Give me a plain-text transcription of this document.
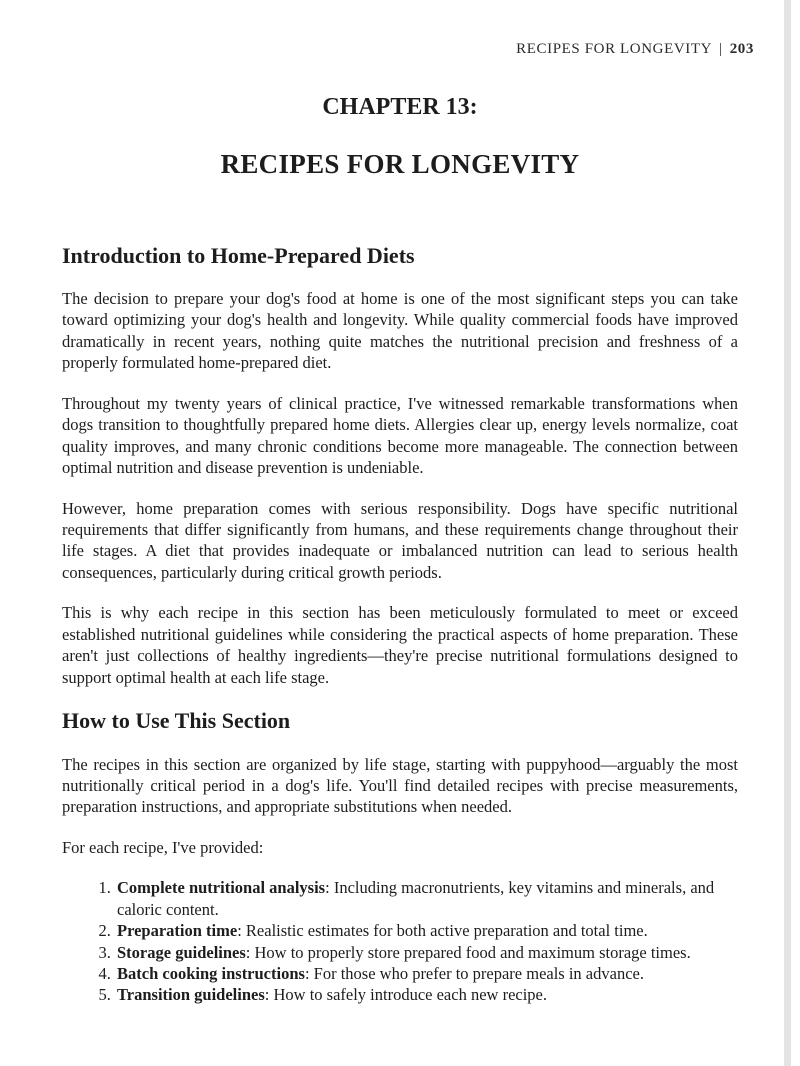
RECIPES FOR LONGEVITY | 203
CHAPTER 13:
RECIPES FOR LONGEVITY
Introduction to Home-Prepared Diets

The decision to prepare your dog's food at home is one of the most significant steps you can take toward optimizing your dog's health and longevity. While quality commercial foods have improved dramatically in recent years, nothing quite matches the nutritional precision and freshness of a properly formulated home-prepared diet.

Throughout my twenty years of clinical practice, I've witnessed remarkable transformations when dogs transition to thoughtfully prepared home diets. Allergies clear up, energy levels normalize, coat quality improves, and many chronic conditions become more manageable. The connection between optimal nutrition and disease prevention is undeniable.

However, home preparation comes with serious responsibility. Dogs have specific nutritional requirements that differ significantly from humans, and these requirements change throughout their life stages. A diet that provides inadequate or imbalanced nutrition can lead to serious health consequences, particularly during critical growth periods.

This is why each recipe in this section has been meticulously formulated to meet or exceed established nutritional guidelines while considering the practical aspects of home preparation. These aren't just collections of healthy ingredients—they're precise nutritional formulations designed to support optimal health at each life stage.

How to Use This Section

The recipes in this section are organized by life stage, starting with puppyhood—arguably the most nutritionally critical period in a dog's life. You'll find detailed recipes with precise measurements, preparation instructions, and appropriate substitutions when needed.

For each recipe, I've provided:

1. Complete nutritional analysis: Including macronutrients, key vitamins and minerals, and caloric content.
2. Preparation time: Realistic estimates for both active preparation and total time.
3. Storage guidelines: How to properly store prepared food and maximum storage times.
4. Batch cooking instructions: For those who prefer to prepare meals in advance.
5. Transition guidelines: How to safely introduce each new recipe.
